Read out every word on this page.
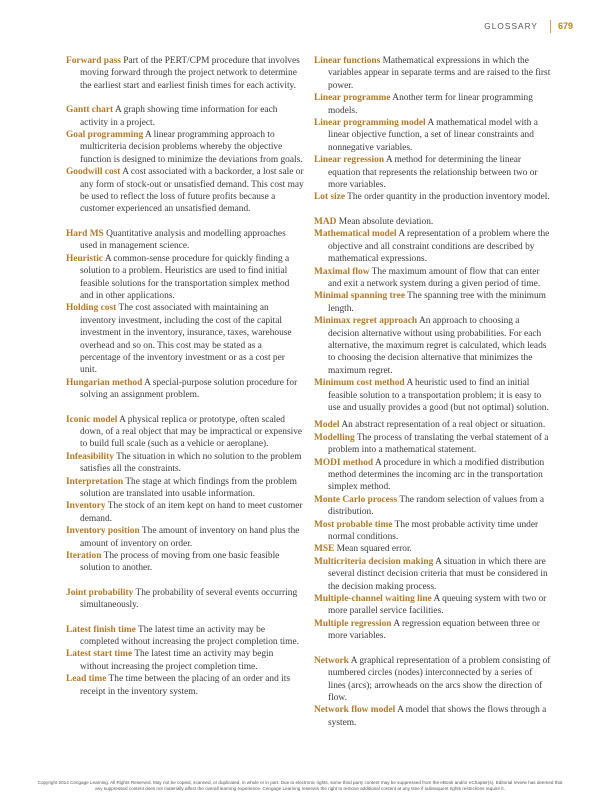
GLOSSARY 679

Forward pass Part of the PERT/CPM procedure that involves moving forward through the project network to determine the earliest start and earliest finish times for each activity.

Gantt chart A graph showing time information for each activity in a project.

Goal programming A linear programming approach to multicriteria decision problems whereby the objective function is designed to minimize the deviations from goals.

Goodwill cost A cost associated with a backorder, a lost sale or any form of stock-out or unsatisfied demand. This cost may be used to reflect the loss of future profits because a customer experienced an unsatisfied demand.

Hard MS Quantitative analysis and modelling approaches used in management science.

Heuristic A common-sense procedure for quickly finding a solution to a problem. Heuristics are used to find initial feasible solutions for the transportation simplex method and in other applications.

Holding cost The cost associated with maintaining an inventory investment, including the cost of the capital investment in the inventory, insurance, taxes, warehouse overhead and so on. This cost may be stated as a percentage of the inventory investment or as a cost per unit.

Hungarian method A special-purpose solution procedure for solving an assignment problem.

Iconic model A physical replica or prototype, often scaled down, of a real object that may be impractical or expensive to build full scale (such as a vehicle or aeroplane).

Infeasibility The situation in which no solution to the problem satisfies all the constraints.

Interpretation The stage at which findings from the problem solution are translated into usable information.

Inventory The stock of an item kept on hand to meet customer demand.

Inventory position The amount of inventory on hand plus the amount of inventory on order.

Iteration The process of moving from one basic feasible solution to another.

Joint probability The probability of several events occurring simultaneously.

Latest finish time The latest time an activity may be completed without increasing the project completion time.

Latest start time The latest time an activity may begin without increasing the project completion time.

Lead time The time between the placing of an order and its receipt in the inventory system.

Linear functions Mathematical expressions in which the variables appear in separate terms and are raised to the first power.

Linear programme Another term for linear programming models.

Linear programming model A mathematical model with a linear objective function, a set of linear constraints and nonnegative variables.

Linear regression A method for determining the linear equation that represents the relationship between two or more variables.

Lot size The order quantity in the production inventory model.

MAD Mean absolute deviation.

Mathematical model A representation of a problem where the objective and all constraint conditions are described by mathematical expressions.

Maximal flow The maximum amount of flow that can enter and exit a network system during a given period of time.

Minimal spanning tree The spanning tree with the minimum length.

Minimax regret approach An approach to choosing a decision alternative without using probabilities. For each alternative, the maximum regret is calculated, which leads to choosing the decision alternative that minimizes the maximum regret.

Minimum cost method A heuristic used to find an initial feasible solution to a transportation problem; it is easy to use and usually provides a good (but not optimal) solution.

Model An abstract representation of a real object or situation.

Modelling The process of translating the verbal statement of a problem into a mathematical statement.

MODI method A procedure in which a modified distribution method determines the incoming arc in the transportation simplex method.

Monte Carlo process The random selection of values from a distribution.

Most probable time The most probable activity time under normal conditions.

MSE Mean squared error.

Multicriteria decision making A situation in which there are several distinct decision criteria that must be considered in the decision making process.

Multiple-channel waiting line A queuing system with two or more parallel service facilities.

Multiple regression A regression equation between three or more variables.

Network A graphical representation of a problem consisting of numbered circles (nodes) interconnected by a series of lines (arcs); arrowheads on the arcs show the direction of flow.

Network flow model A model that shows the flows through a system.

Copyright 2014 Cengage Learning. All Rights Reserved. May not be copied, scanned, or duplicated, in whole or in part. Due to electronic rights, some third party content may be suppressed from the eBook and/or eChapter(s). Editorial review has deemed that any suppressed content does not materially affect the overall learning experience. Cengage Learning reserves the right to remove additional content at any time if subsequent rights restrictions require it.
